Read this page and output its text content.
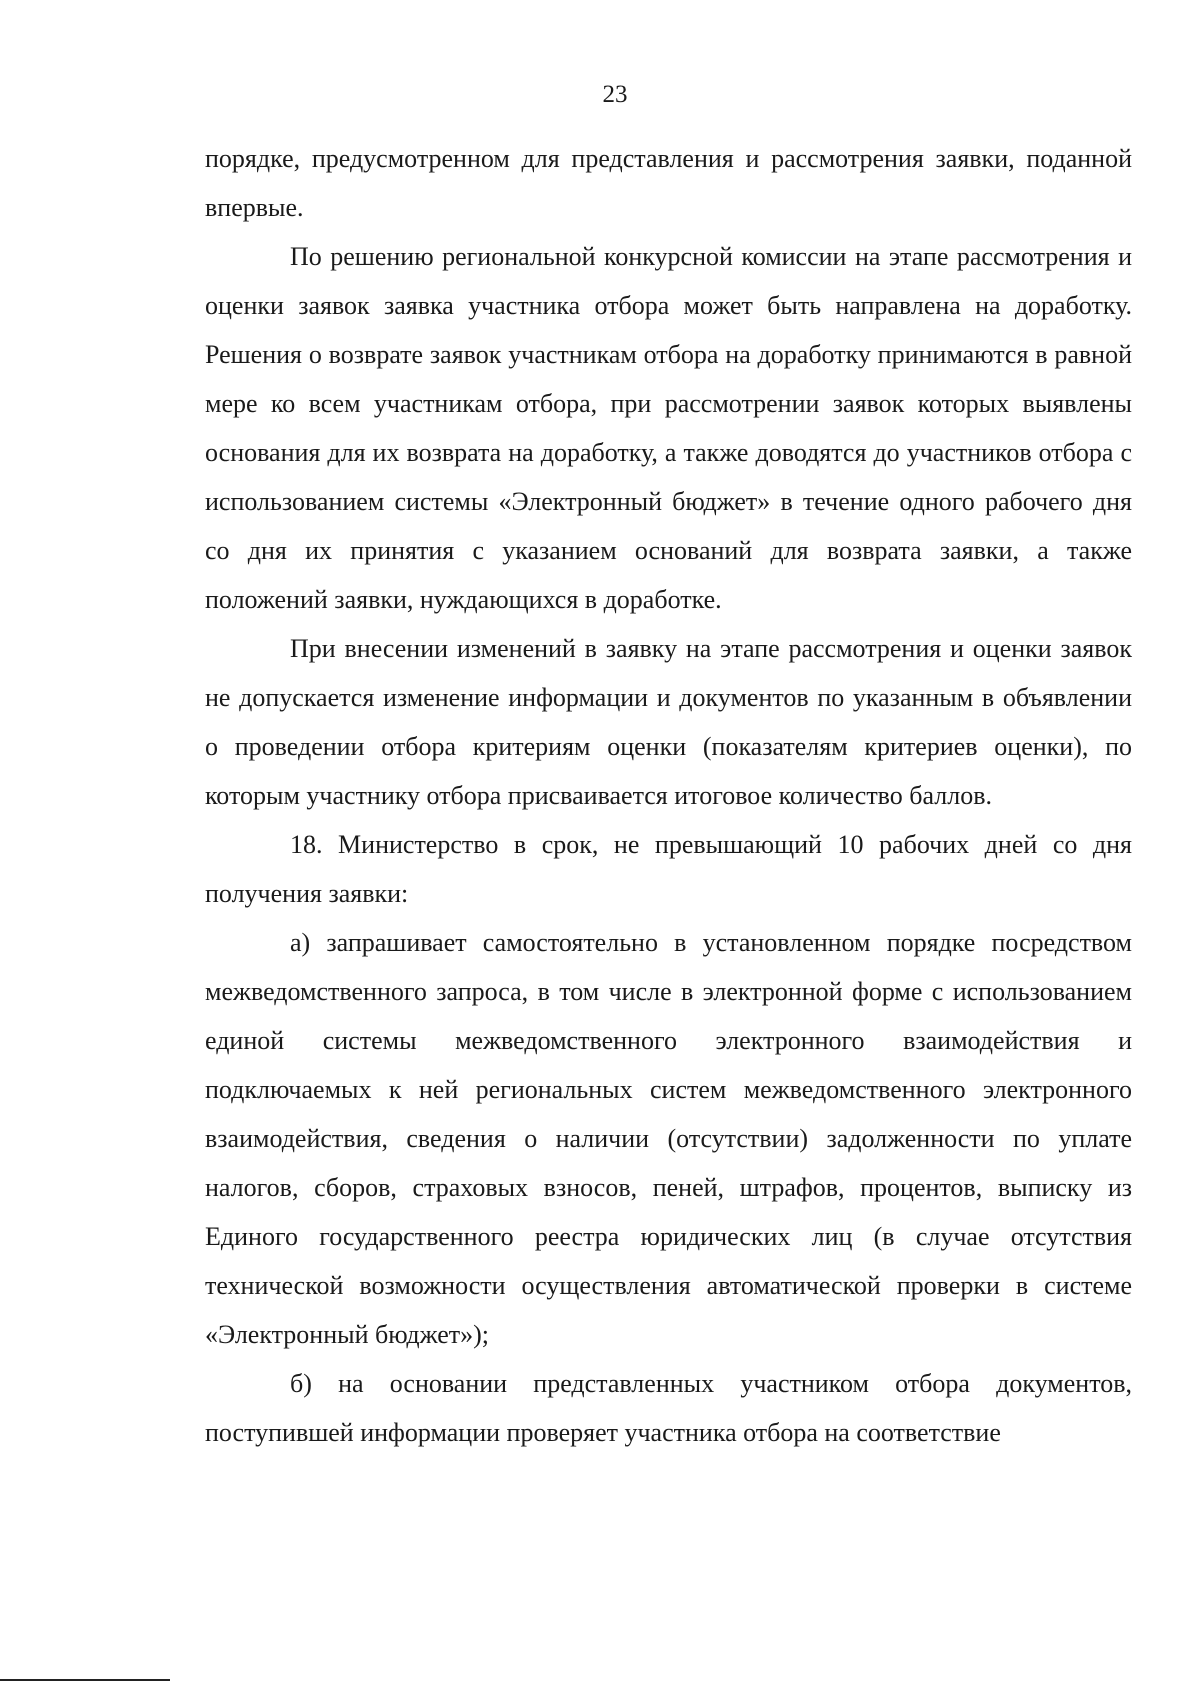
23

порядке, предусмотренном для представления и рассмотрения заявки, поданной впервые.

По решению региональной конкурсной комиссии на этапе рассмотрения и оценки заявок заявка участника отбора может быть направлена на доработку. Решения о возврате заявок участникам отбора на доработку принимаются в равной мере ко всем участникам отбора, при рассмотрении заявок которых выявлены основания для их возврата на доработку, а также доводятся до участников отбора с использованием системы «Электронный бюджет» в течение одного рабочего дня со дня их принятия с указанием оснований для возврата заявки, а также положений заявки, нуждающихся в доработке.

При внесении изменений в заявку на этапе рассмотрения и оценки заявок не допускается изменение информации и документов по указанным в объявлении о проведении отбора критериям оценки (показателям критериев оценки), по которым участнику отбора присваивается итоговое количество баллов.

18. Министерство в срок, не превышающий 10 рабочих дней со дня получения заявки:

а) запрашивает самостоятельно в установленном порядке посредством межведомственного запроса, в том числе в электронной форме с использованием единой системы межведомственного электронного взаимодействия и подключаемых к ней региональных систем межведомственного электронного взаимодействия, сведения о наличии (отсутствии) задолженности по уплате налогов, сборов, страховых взносов, пеней, штрафов, процентов, выписку из Единого государственного реестра юридических лиц (в случае отсутствия технической возможности осуществления автоматической проверки в системе «Электронный бюджет»);

б) на основании представленных участником отбора документов, поступившей информации проверяет участника отбора на соответствие
